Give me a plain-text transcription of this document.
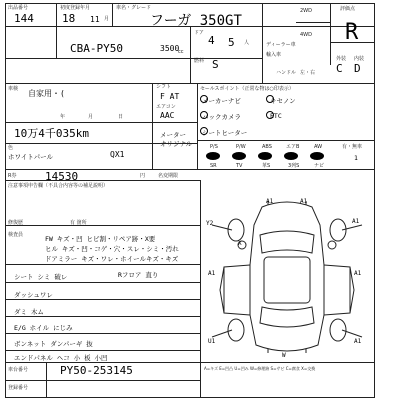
出品番号
144
初度登録年月
18 11 月
車名・グレード
フーガ 350GT
2WD
4WD
評価点
R
CBA-PY50	3500
cc
ドア
4 5 人
燃料 S
ディーラー車
輸入車
ハンドル 左・右
外装 内装
C D
車検 自家用・(
年	月	日
シフト
F AT
エアコン
AAC
10万4千035km	メーター
オリジナル
色
ホワイトパール	QX1
R券	14530	円	名変期限
セールスポイント（正常な物は○印表示）
メーカーナビ	キセノン
バックカメラ	ETC
シートヒーター
P/S	P/W	ABS	エアB	AW	有・無車
SR	TV	革S	3列S	ナビ
1
注意事項申告欄（不具合内容等の補足説明）
修復歴	有 箇所
検査員	FW キズ・凹 ヒビ割・リペア跡・X要
ヒル キズ・凹・コゲ・穴・スレ・シミ・汚れ
ドアミラー キズ・ワレ・ホイールキズ・キズ
シート シミ 破レ
ダッシュワレ
ダミ 木ム
E/G ホイル にじみ
ボンネット ダンパーギ 抜
エンドパネル ヘコ 小 板 小凹
Rフロア 直り
A1	A1
Y2	A1
A1	A1
X
U1	A1
W
車台番号	PY50-253145
登録番号
A=キズ E=凹凸 U=凹み W=修理跡 S=サビ C=腐食 X=交換
